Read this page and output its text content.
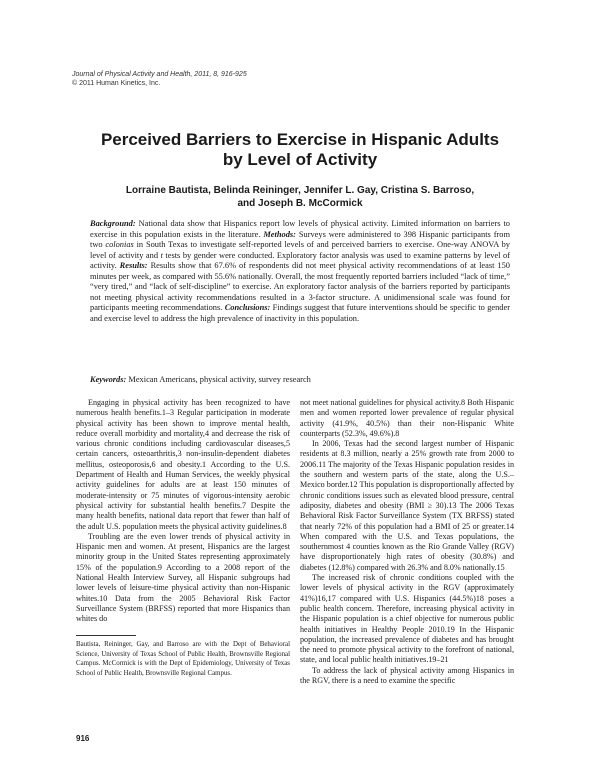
Journal of Physical Activity and Health, 2011, 8, 916-925
© 2011 Human Kinetics, Inc.
Perceived Barriers to Exercise in Hispanic Adults
by Level of Activity
Lorraine Bautista, Belinda Reininger, Jennifer L. Gay, Cristina S. Barroso,
and Joseph B. McCormick

Background: National data show that Hispanics report low levels of physical activity. Limited information on barriers to exercise in this population exists in the literature. Methods: Surveys were administered to 398 Hispanic participants from two colonias in South Texas to investigate self-reported levels of and perceived barriers to exercise. One-way ANOVA by level of activity and t tests by gender were conducted. Exploratory factor analysis was used to examine patterns by level of activity. Results: Results show that 67.6% of respondents did not meet physical activity recommendations of at least 150 minutes per week, as compared with 55.6% nationally. Overall, the most frequently reported barriers included “lack of time,” “very tired,” and “lack of self-discipline” to exercise. An exploratory factor analysis of the barriers reported by participants not meeting physical activity recommendations resulted in a 3-factor structure. A unidimensional scale was found for participants meeting recommendations. Conclusions: Findings suggest that future interventions should be specific to gender and exercise level to address the high prevalence of inactivity in this population.

Keywords: Mexican Americans, physical activity, survey research

Engaging in physical activity has been recognized to have numerous health benefits.1–3 Regular participation in moderate physical activity has been shown to improve mental health, reduce overall morbidity and mortality,4 and decrease the risk of various chronic conditions including cardiovascular diseases,5 certain cancers, osteoarthritis,3 non-insulin-dependent diabetes mellitus, osteoporosis,6 and obesity.1 According to the U.S. Department of Health and Human Services, the weekly physical activity guidelines for adults are at least 150 minutes of moderate-intensity or 75 minutes of vigorous-intensity aerobic physical activity for substantial health benefits.7 Despite the many health benefits, national data report that fewer than half of the adult U.S. population meets the physical activity guidelines.8

Troubling are the even lower trends of physical activity in Hispanic men and women. At present, Hispanics are the largest minority group in the United States representing approximately 15% of the population.9 According to a 2008 report of the National Health Interview Survey, all Hispanic subgroups had lower levels of leisure-time physical activity than non-Hispanic whites.10 Data from the 2005 Behavioral Risk Factor Surveillance System (BRFSS) reported that more Hispanics than whites do

Bautista, Reininger, Gay, and Barroso are with the Dept of Behavioral Science, University of Texas School of Public Health, Brownsville Regional Campus. McCormick is with the Dept of Epidemiology, University of Texas School of Public Health, Brownsville Regional Campus.

not meet national guidelines for physical activity.8 Both Hispanic men and women reported lower prevalence of regular physical activity (41.9%, 40.5%) than their non-Hispanic White counterparts (52.3%, 49.6%).8

In 2006, Texas had the second largest number of Hispanic residents at 8.3 million, nearly a 25% growth rate from 2000 to 2006.11 The majority of the Texas Hispanic population resides in the southern and western parts of the state, along the U.S.–Mexico border.12 This population is disproportionally affected by chronic conditions issues such as elevated blood pressure, central adiposity, diabetes and obesity (BMI ≥ 30).13 The 2006 Texas Behavioral Risk Factor Surveillance System (TX BRFSS) stated that nearly 72% of this population had a BMI of 25 or greater.14 When compared with the U.S. and Texas populations, the southernmost 4 counties known as the Rio Grande Valley (RGV) have disproportionately high rates of obesity (30.8%) and diabetes (12.8%) compared with 26.3% and 8.0% nationally.15

The increased risk of chronic conditions coupled with the lower levels of physical activity in the RGV (approximately 41%)16,17 compared with U.S. Hispanics (44.5%)18 poses a public health concern. Therefore, increasing physical activity in the Hispanic population is a chief objective for numerous public health initiatives in Healthy People 2010.19 In the Hispanic population, the increased prevalence of diabetes and has brought the need to promote physical activity to the forefront of national, state, and local public health initiatives.19–21

To address the lack of physical activity among Hispanics in the RGV, there is a need to examine the specific

916
